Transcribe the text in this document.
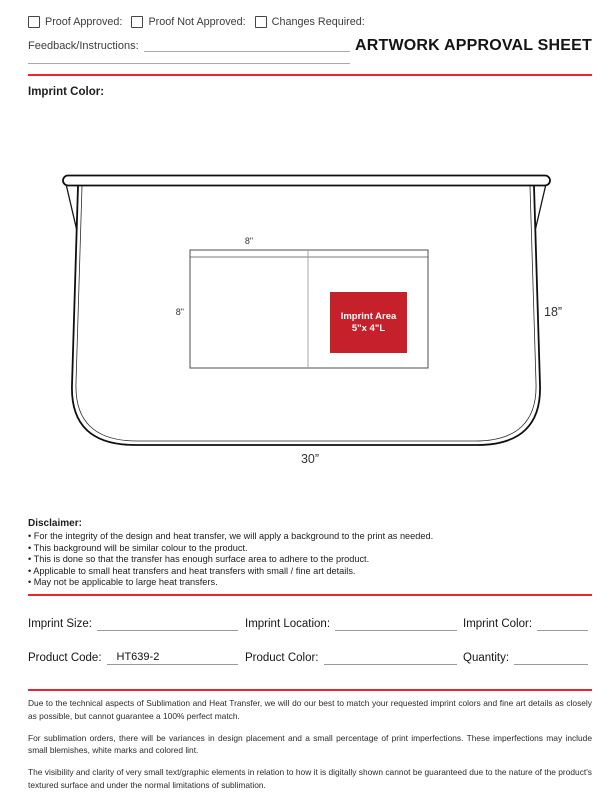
Proof Approved: Proof Not Approved: Changes Required:
Feedback/Instructions:	ARTWORK APPROVAL SHEET
Imprint Color:
8"
8"	18”
30”
Imprint Area
5"x 4"L
Disclaimer:
• For the integrity of the design and heat transfer, we will apply a background to the print as needed.
• This background will be similar colour to the product.
• This is done so that the transfer has enough surface area to adhere to the product.
• Applicable to small heat transfers and heat transfers with small / fine art details.
• May not be applicable to large heat transfers.
Imprint Size:	Imprint Location:	Imprint Color:
Product Code:	HT639-2	Product Color:	Quantity:

Due to the technical aspects of Sublimation and Heat Transfer, we will do our best to match your requested imprint colors and fine art details as closely as possible, but cannot guarantee a 100% perfect match.

For sublimation orders, there will be variances in design placement and a small percentage of print imperfections. These imperfections may include small blemishes, white marks and colored lint.

The visibility and clarity of very small text/graphic elements in relation to how it is digitally shown cannot be guaranteed due to the nature of the product's textured surface and under the normal limitations of sublimation.
